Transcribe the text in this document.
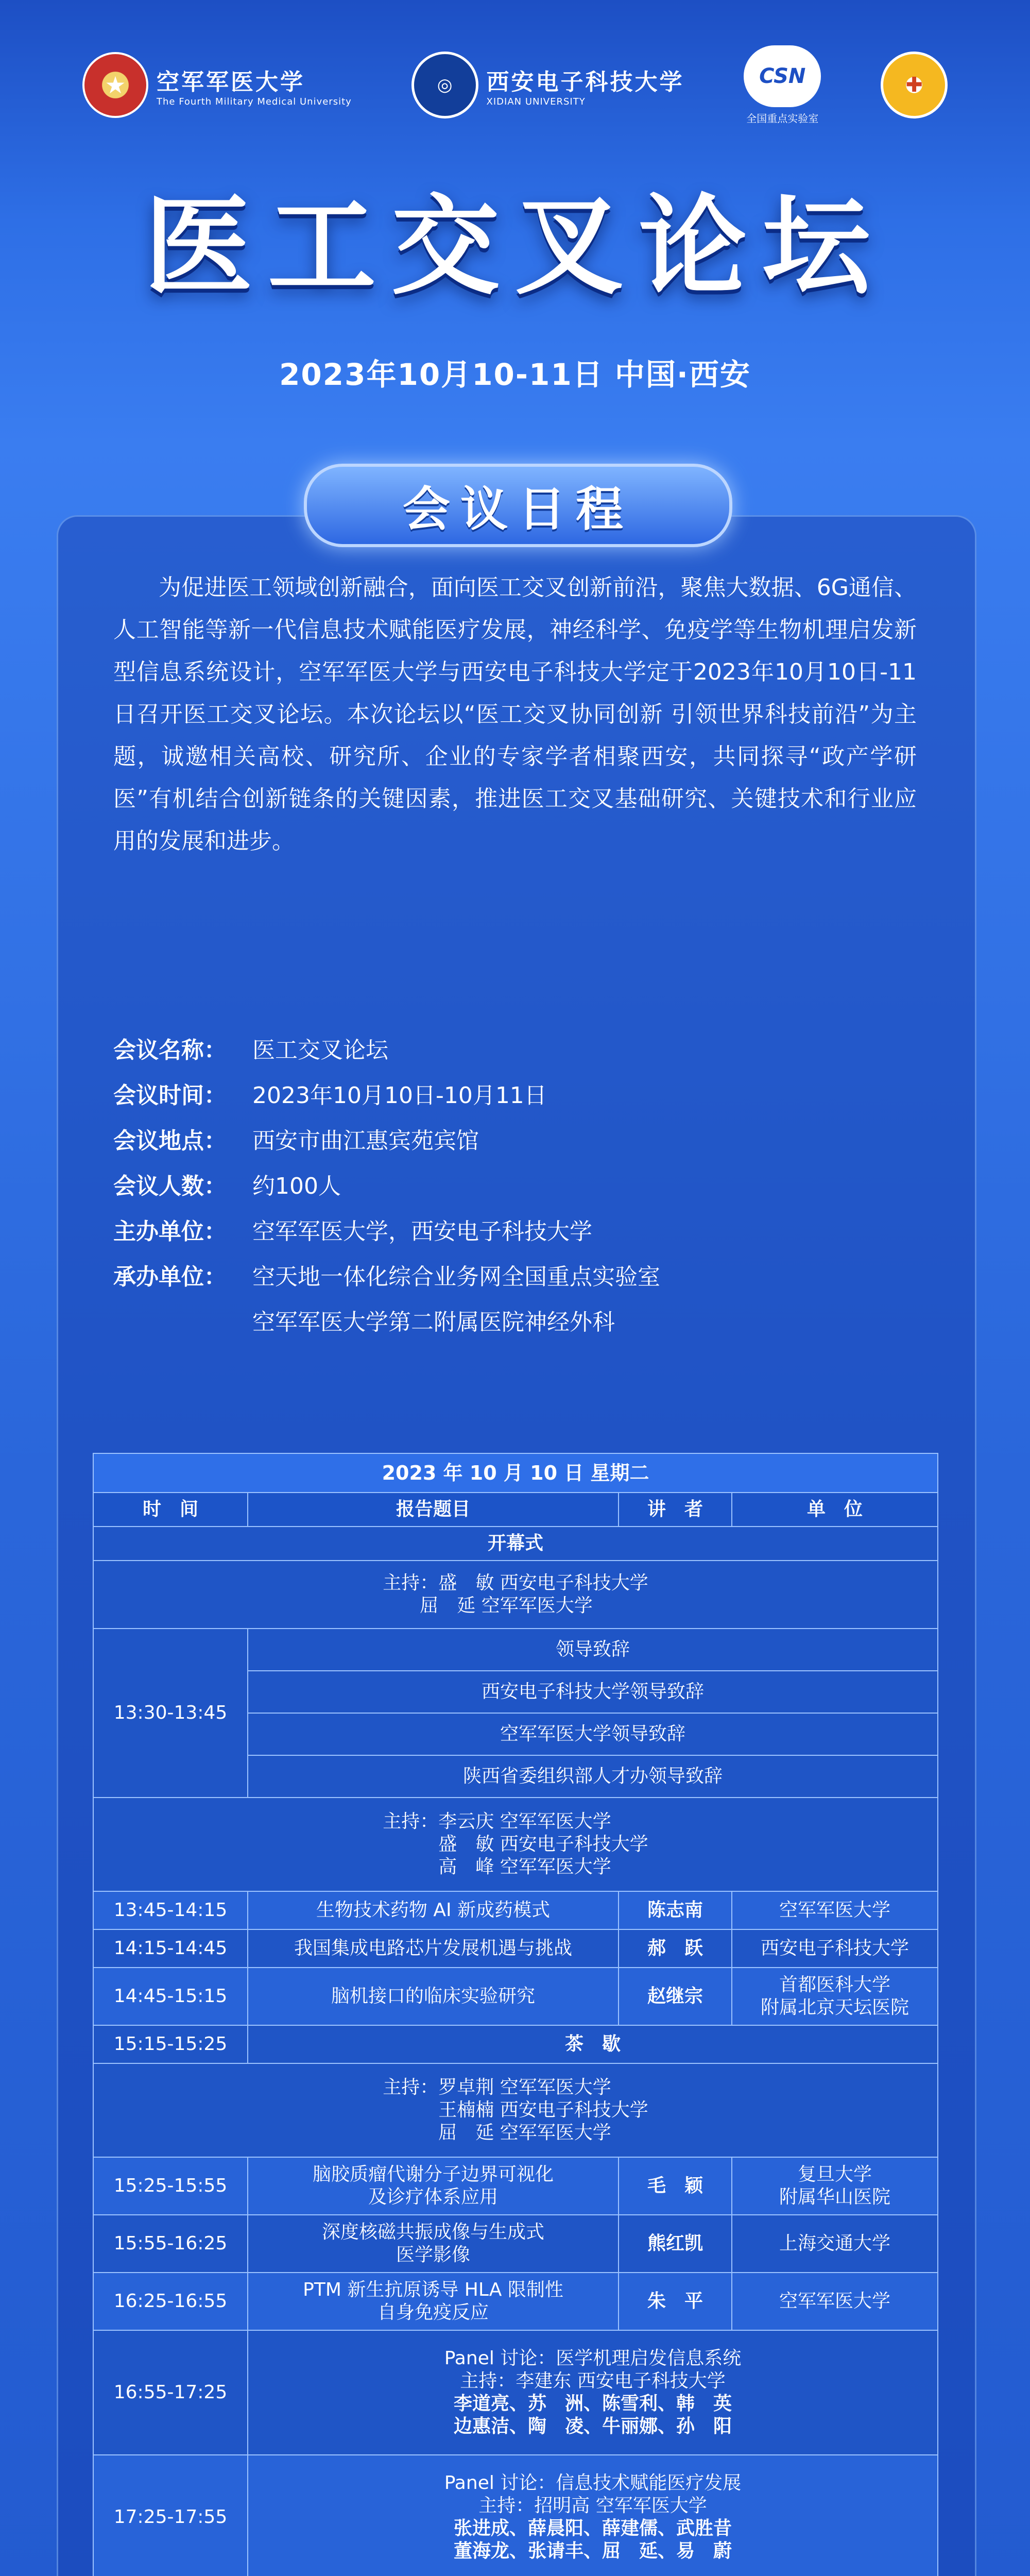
★	空军军医大学
The Fourth Military Medical University
◎	西安电子科技大学
XIDIAN UNIVERSITY
CSN
全国重点实验室
✚
医工交叉论坛
2023年10月10-11日 中国·西安
会议日程
为促进医工领域创新融合，面向医工交叉创新前沿，聚焦大数据、6G通信、人工智能等新一代信息技术赋能医疗发展，神经科学、免疫学等生物机理启发新型信息系统设计，空军军医大学与西安电子科技大学定于2023年10月10日-11日召开医工交叉论坛。本次论坛以“医工交叉协同创新 引领世界科技前沿”为主题，诚邀相关高校、研究所、企业的专家学者相聚西安，共同探寻“政产学研医”有机结合创新链条的关键因素，推进医工交叉基础研究、关键技术和行业应用的发展和进步。
会议名称：	医工交叉论坛
会议时间：	2023年10月10日-10月11日
会议地点：	西安市曲江惠宾苑宾馆
会议人数：	约100人
主办单位：	空军军医大学，西安电子科技大学
承办单位：	空天地一体化综合业务网全国重点实验室
空军军医大学第二附属医院神经外科
2023 年 10 月 10 日 星期二			
时　间	报告题目	讲　者	单　位
开幕式			

主持：盛　敏 西安电子科技大学
屈　延 空军军医大学			

13:30-13:45	领导致辞		
	西安电子科技大学领导致辞		
	空军军医大学领导致辞		
	陕西省委组织部人才办领导致辞		

主持：李云庆 空军军医大学
盛　敏 西安电子科技大学
高　峰 空军军医大学			

13:45-14:15	生物技术药物 AI 新成药模式	陈志南	空军军医大学
14:15-14:45	我国集成电路芯片发展机遇与挑战	郝　跃	西安电子科技大学
14:45-15:15	脑机接口的临床实验研究	赵继宗	首都医科大学
附属北京天坛医院
15:15-15:25	茶　歇		

主持：罗卓荆 空军军医大学
王楠楠 西安电子科技大学
屈　延 空军军医大学			

15:25-15:55	脑胶质瘤代谢分子边界可视化
及诊疗体系应用	毛　颖	复旦大学
附属华山医院
15:55-16:25	深度核磁共振成像与生成式
医学影像	熊红凯	上海交通大学
16:25-16:55	PTM 新生抗原诱导 HLA 限制性
自身免疫反应	朱　平	空军军医大学
16:55-17:25	Panel 讨论：医学机理启发信息系统
主持：李建东 西安电子科技大学
李道亮、苏　洲、陈雪利、韩　英
边惠洁、陶　凌、牛丽娜、孙　阳		

17:25-17:55	Panel 讨论：信息技术赋能医疗发展
主持：招明高 空军军医大学
张进成、薛晨阳、薛建儒、武胜昔
董海龙、张请丰、屈　延、易　蔚		
